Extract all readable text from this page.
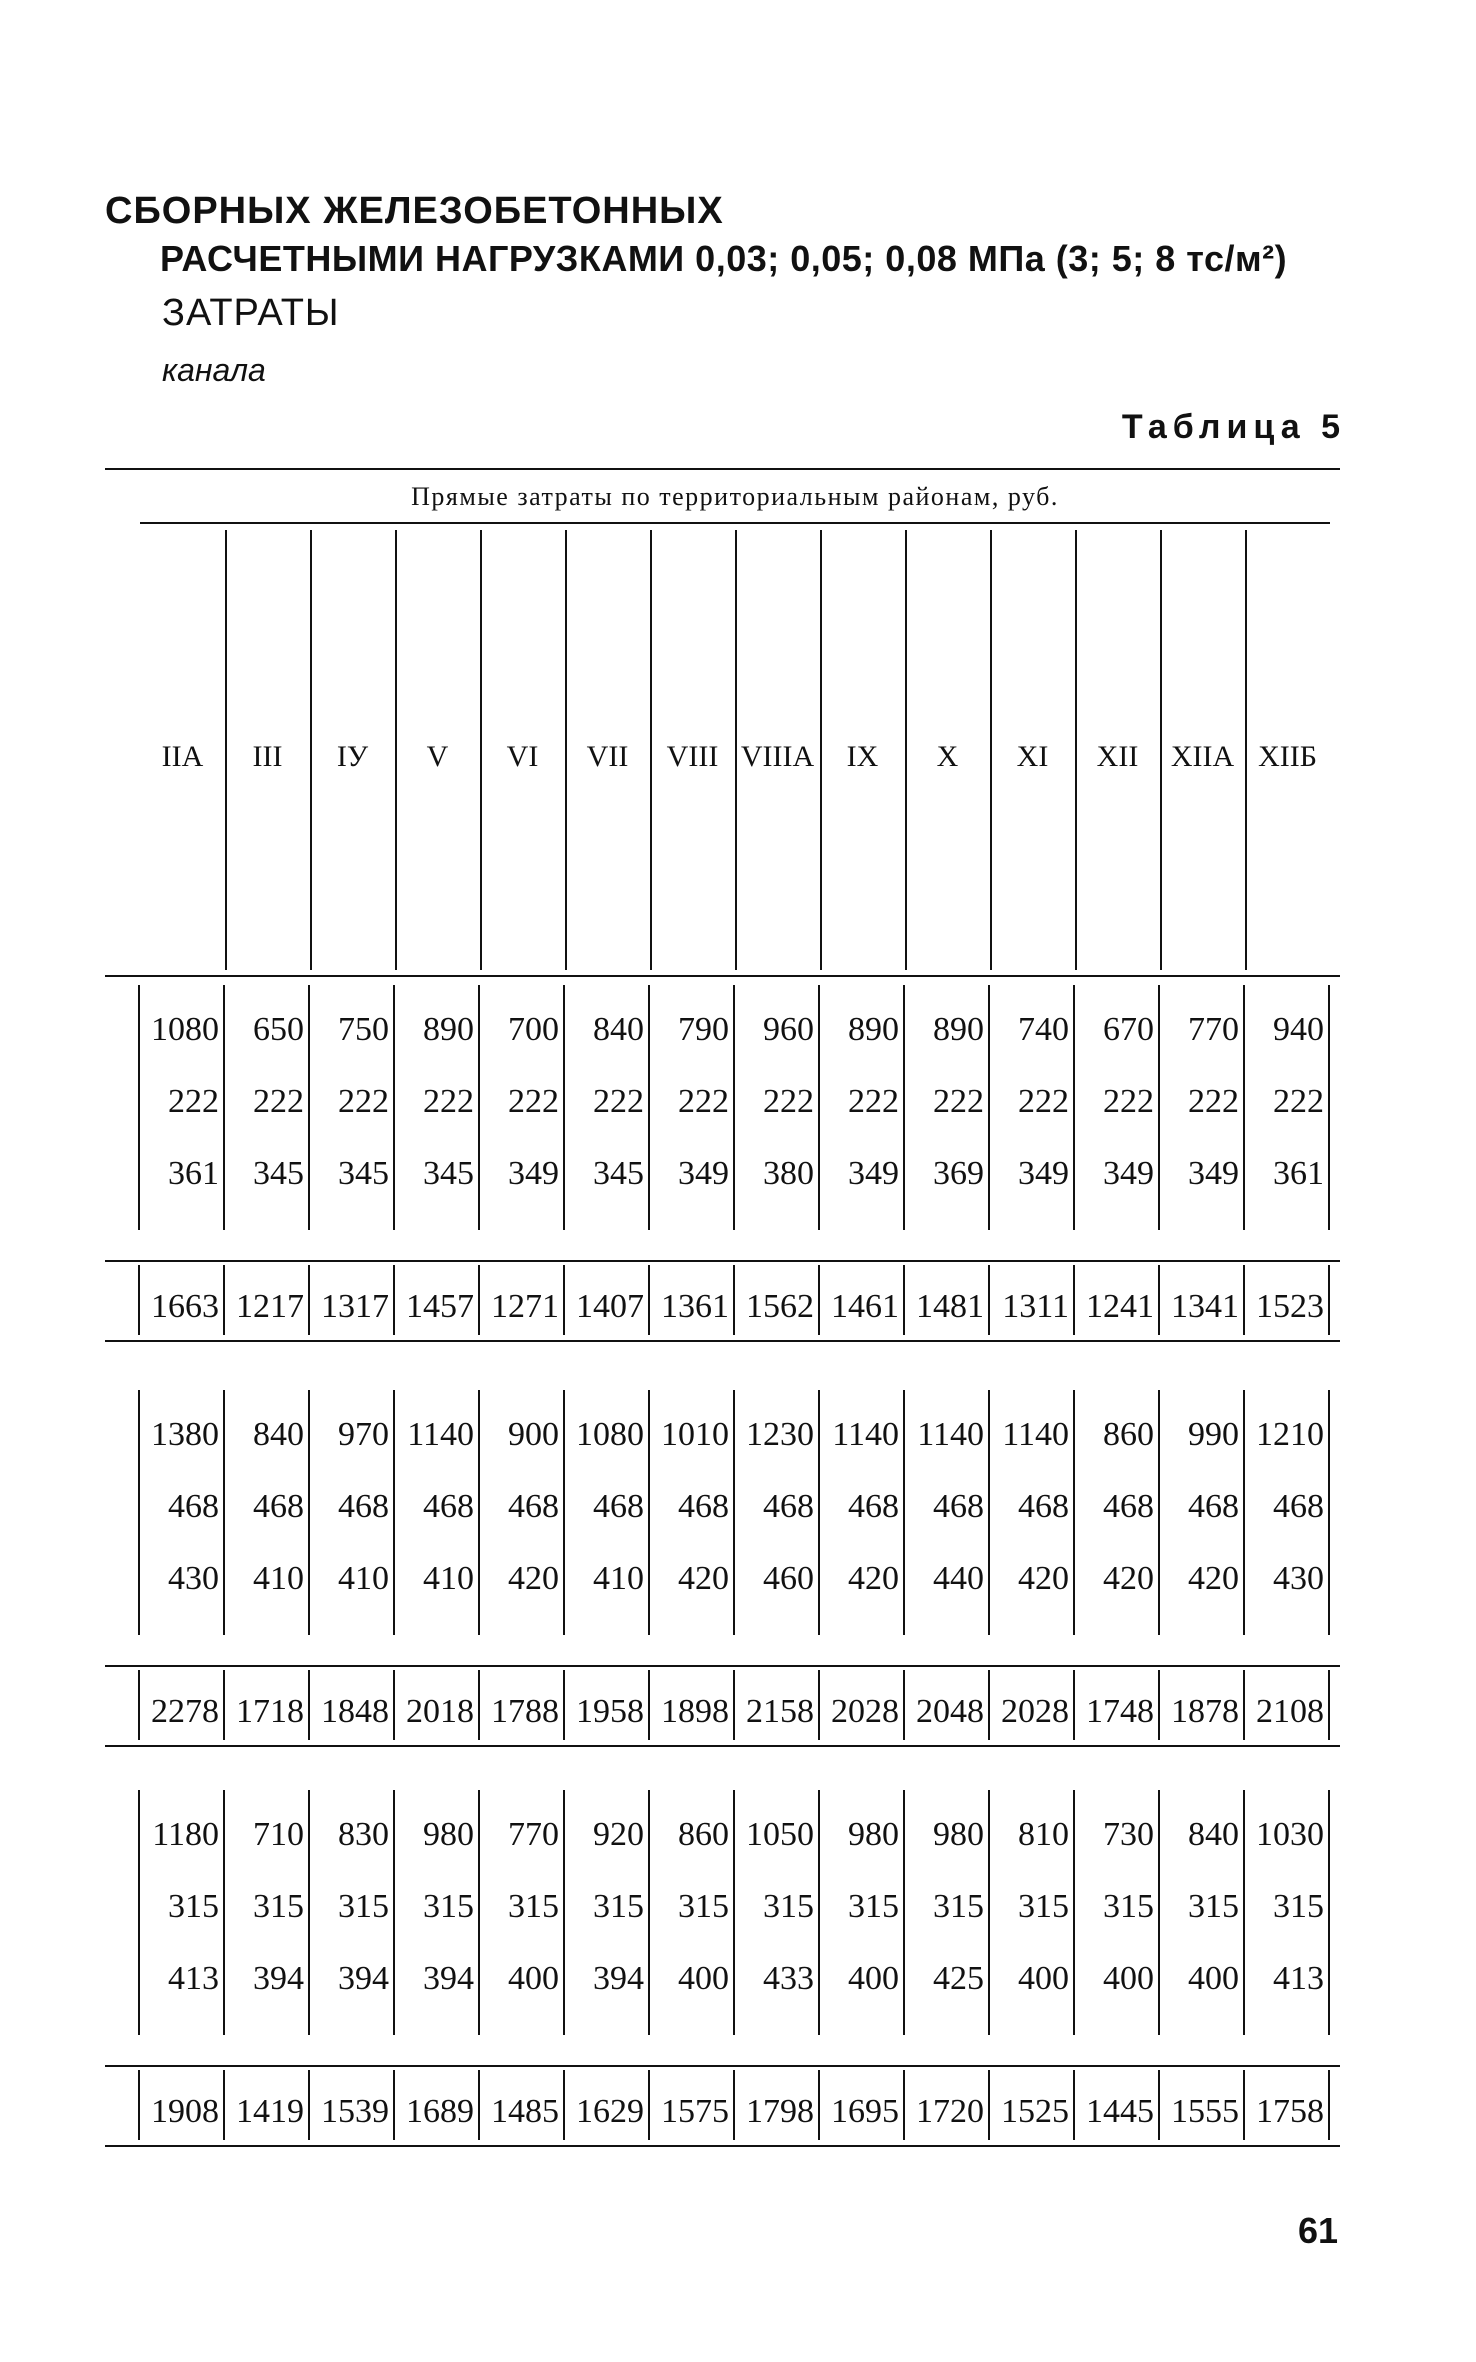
СБОРНЫХ ЖЕЛЕЗОБЕТОННЫХ
РАСЧЕТНЫМИ НАГРУЗКАМИ 0,03; 0,05; 0,08 МПа (3; 5; 8 тс/м²)
ЗАТРАТЫ
канала
Таблица 5
Прямые затраты по территориальным районам, руб.
IIA	III	IУ	V	VI	VII	VIII VIIIA	IX	X	XI	XII	XIIA XIIБ
1080	650	750	890	700	840	790	960	890	890	740	670	770	940
222	222	222	222	222	222	222	222	222	222	222	222	222	222
361	345	345	345	349	345	349	380	349	369	349	349	349	361
1663 1217 1317 1457 1271 1407 1361 1562 1461 1481 1311 1241 1341 1523
1380	840	970 1140	900 1080 1010 1230 1140 1140 1140	860	990 1210
468	468	468	468	468	468	468	468	468	468	468	468	468	468
430	410	410	410	420	410	420	460	420	440	420	420	420	430
2278 1718 1848 2018 1788 1958 1898 2158 2028 2048 2028 1748 1878 2108
1180	710	830	980	770	920	860 1050	980	980	810	730	840 1030
315	315	315	315	315	315	315	315	315	315	315	315	315	315
413	394	394	394	400	394	400	433	400	425	400	400	400	413
1908 1419 1539 1689 1485 1629 1575 1798 1695 1720 1525 1445 1555 1758
61
